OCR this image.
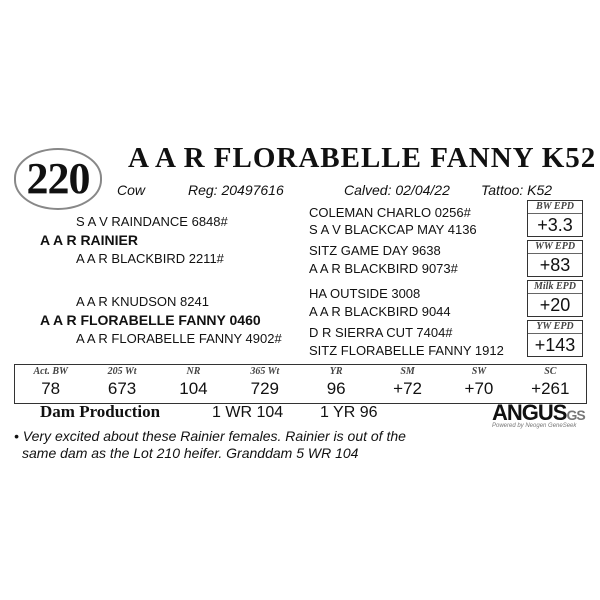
220 A A R FLORABELLE FANNY K52
Cow	Reg: 20497616	Calved: 02/04/22 Tattoo: K52
S A V RAINDANCE 6848#
A A R RAINIER
A A R BLACKBIRD 2211#
A A R KNUDSON 8241
A A R FLORABELLE FANNY 0460
A A R FLORABELLE FANNY 4902#
COLEMAN CHARLO 0256#
S A V BLACKCAP MAY 4136
SITZ GAME DAY 9638
A A R BLACKBIRD 9073#
HA OUTSIDE 3008
A A R BLACKBIRD 9044
D R SIERRA CUT 7404#
SITZ FLORABELLE FANNY 1912
BW EPD
+3.3
WW EPD
+83
Milk EPD
+20
YW EPD
+143
Act. BW	205 Wt	NR	365 Wt	YR	SM	SW	SC
78	673	104	729	96	+72	+70	+261
Dam Production	1 WR 104 1 YR 96	ANGUSGS
Powered by Neogen GeneSeek
• Very excited about these Rainier females. Rainier is out of the
same dam as the Lot 210 heifer. Granddam 5 WR 104
